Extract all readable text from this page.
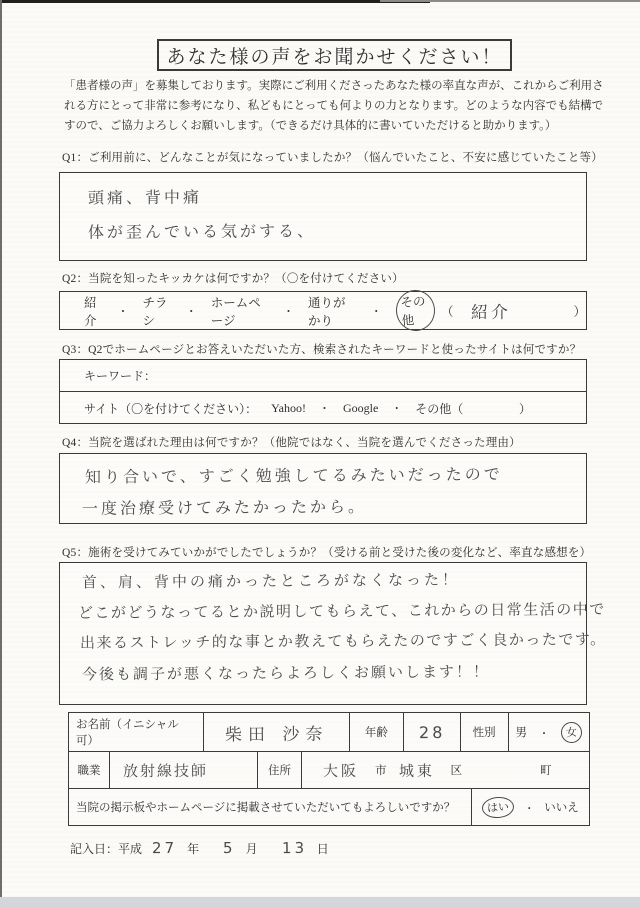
あなた様の声をお聞かせください！
「患者様の声」を募集しております。実際にご利用くださったあなた様の率直な声が、これからご利用さ
れる方にとって非常に参考になり、私どもにとっても何よりの力となります。どのような内容でも結構で
すので、ご協力よろしくお願いします。（できるだけ具体的に書いていただけると助かります。）
Q1：ご利用前に、どんなことが気になっていましたか？（悩んでいたこと、不安に感じていたこと等）
頭痛、背中痛
体が歪んでいる気がする、
Q2：当院を知ったキッカケは何ですか？（〇を付けてください）
紹介
・
チラシ
・
ホームページ
・
通りがかり
・
その他
（ 紹介	）
Q3：Q2でホームページとお答えいただいた方、検索されたキーワードと使ったサイトは何ですか？
キーワード：
サイト（〇を付けてください）： Yahoo! ・ Google ・ その他（	）
Q4：当院を選ばれた理由は何ですか？（他院ではなく、当院を選んでくださった理由）
知り合いで、すごく勉強してるみたいだったので
一度治療受けてみたかったから。
Q5：施術を受けてみていかがでしたでしょうか？（受ける前と受けた後の変化など、率直な感想を）
首、肩、背中の痛かったところがなくなった！
どこがどうなってるとか説明してもらえて、これからの日常生活の中で
出来るストレッチ的な事とか教えてもらえたのですごく良かったです。
今後も調子が悪くなったらよろしくお願いします！！
お名前（イニシャル可）	柴田 沙奈	年齢 28 性別 男 ・	女
職業 放射線技師	住所 大阪 市 城東 区	町
当院の掲示板やホームページに掲載させていただいてもよろしいですか？	はい	・ いいえ
記入日：平成 27 年 5 月 13 日
